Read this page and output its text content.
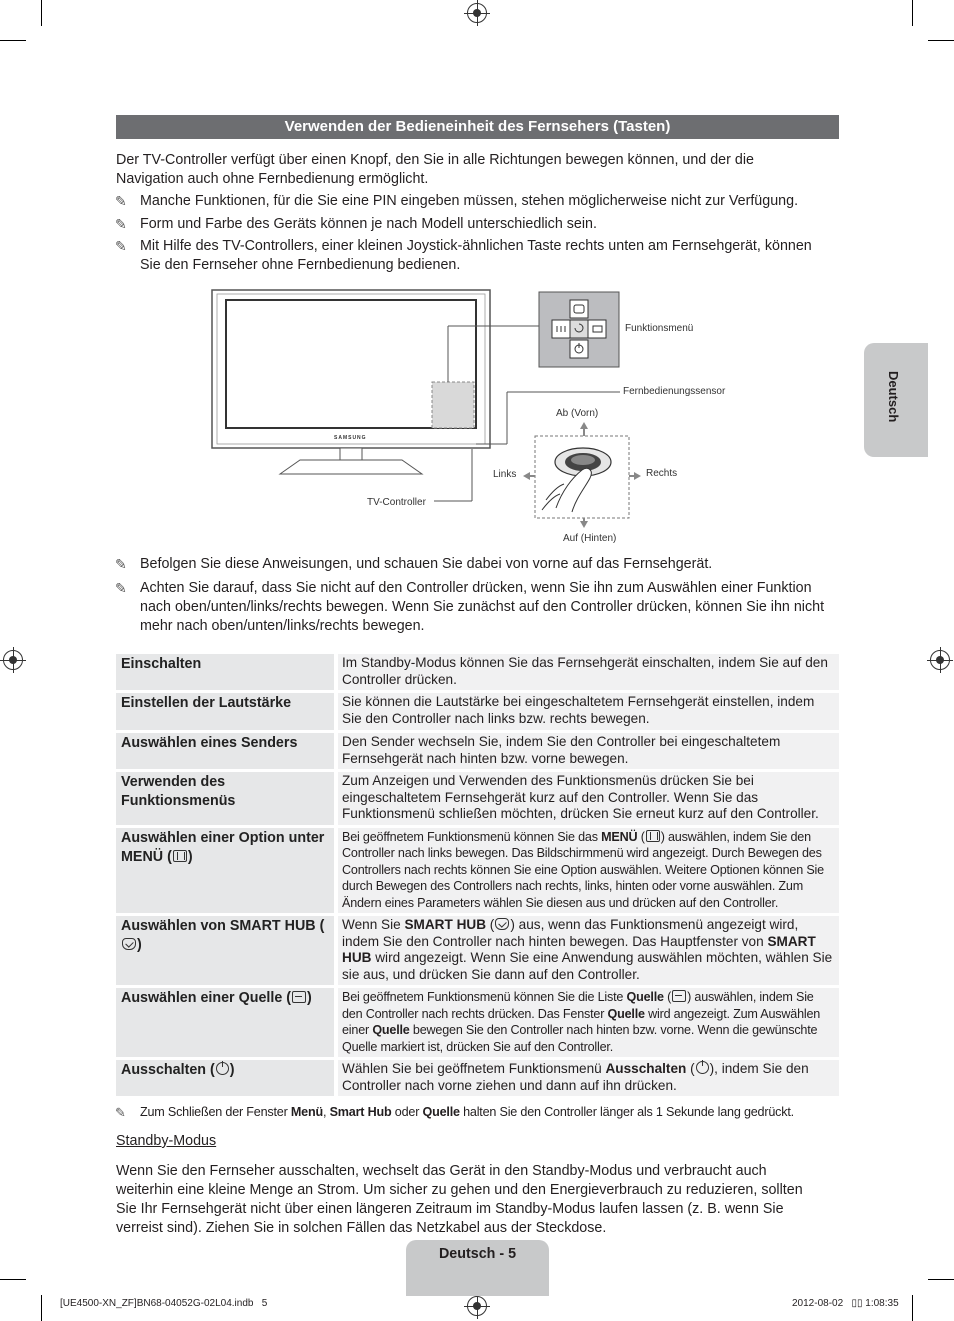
Verwenden der Bedieneinheit des Fernsehers (Tasten)
Der TV-Controller verfügt über einen Knopf, den Sie in alle Richtungen bewegen können, und der die Navigation auch ohne Fernbedienung ermöglicht.
✎ Manche Funktionen, für die Sie eine PIN eingeben müssen, stehen möglicherweise nicht zur Verfügung.
✎ Form und Farbe des Geräts können je nach Modell unterschiedlich sein.
✎ Mit Hilfe des TV-Controllers, einer kleinen Joystick-ähnlichen Taste rechts unten am Fernsehgerät, können Sie den Fernseher ohne Fernbedienung bedienen.
Deutsch
SAMSUNG
Funktionsmenü
Fernbedienungssensor
Ab (Vorn)
Links	Rechts
Auf (Hinten)
TV-Controller
✎ Befolgen Sie diese Anweisungen, und schauen Sie dabei von vorne auf das Fernsehgerät.
✎ Achten Sie darauf, dass Sie nicht auf den Controller drücken, wenn Sie ihn zum Auswählen einer Funktion nach oben/unten/links/rechts bewegen. Wenn Sie zunächst auf den Controller drücken, können Sie ihn nicht mehr nach oben/unten/links/rechts bewegen.
Einschalten	Im Standby-Modus können Sie das Fernsehgerät einschalten, indem Sie auf den Controller drücken.
Einstellen der Lautstärke	Sie können die Lautstärke bei eingeschaltetem Fernsehgerät einstellen, indem Sie den Controller nach links bzw. rechts bewegen.
Auswählen eines Senders	Den Sender wechseln Sie, indem Sie den Controller bei eingeschaltetem Fernsehgerät nach hinten bzw. vorne bewegen.
Verwenden des Funktionsmenüs	Zum Anzeigen und Verwenden des Funktionsmenüs drücken Sie bei eingeschaltetem Fernsehgerät kurz auf den Controller. Wenn Sie das Funktionsmenü schließen möchten, drücken Sie erneut kurz auf den Controller.
Auswählen einer Option unter MENÜ ( )	Bei geöffnetem Funktionsmenü können Sie das MENÜ ( ) auswählen, indem Sie den Controller nach links bewegen. Das Bildschirmmenü wird angezeigt. Durch Bewegen des Controllers nach rechts können Sie eine Option auswählen. Weitere Optionen können Sie durch Bewegen des Controllers nach rechts, links, hinten oder vorne auswählen. Zum Ändern eines Parameters wählen Sie diesen aus und drücken auf den Controller.
Auswählen von SMART HUB ()	Wenn Sie SMART HUB ( ) aus, wenn das Funktionsmenü angezeigt wird, indem Sie den Controller nach hinten bewegen. Das Hauptfenster von SMART HUB wird angezeigt. Wenn Sie eine Anwendung auswählen möchten, wählen Sie sie aus, und drücken Sie dann auf den Controller.
Auswählen einer Quelle ( )	Bei geöffnetem Funktionsmenü können Sie die Liste Quelle ( ) auswählen, indem Sie den Controller nach rechts drücken. Das Fenster Quelle wird angezeigt. Zum Auswählen einer Quelle bewegen Sie den Controller nach hinten bzw. vorne. Wenn die gewünschte Quelle markiert ist, drücken Sie auf den Controller.
Ausschalten ( )	Wählen Sie bei geöffnetem Funktionsmenü Ausschalten ( ), indem Sie den Controller nach vorne ziehen und dann auf ihn drücken.
✎ Zum Schließen der Fenster Menü, Smart Hub oder Quelle halten Sie den Controller länger als 1 Sekunde lang gedrückt.
Standby-Modus
Wenn Sie den Fernseher ausschalten, wechselt das Gerät in den Standby-Modus und verbraucht auch weiterhin eine kleine Menge an Strom. Um sicher zu gehen und den Energieverbrauch zu reduzieren, sollten Sie Ihr Fernsehgerät nicht über einen längeren Zeitraum im Standby-Modus laufen lassen (z. B. wenn Sie verreist sind). Ziehen Sie in solchen Fällen das Netzkabel aus der Steckdose.
Deutsch - 5
[UE4500-XN_ZF]BN68-04052G-02L04.indb   5	2012-08-02   ▯▯ 1:08:35
